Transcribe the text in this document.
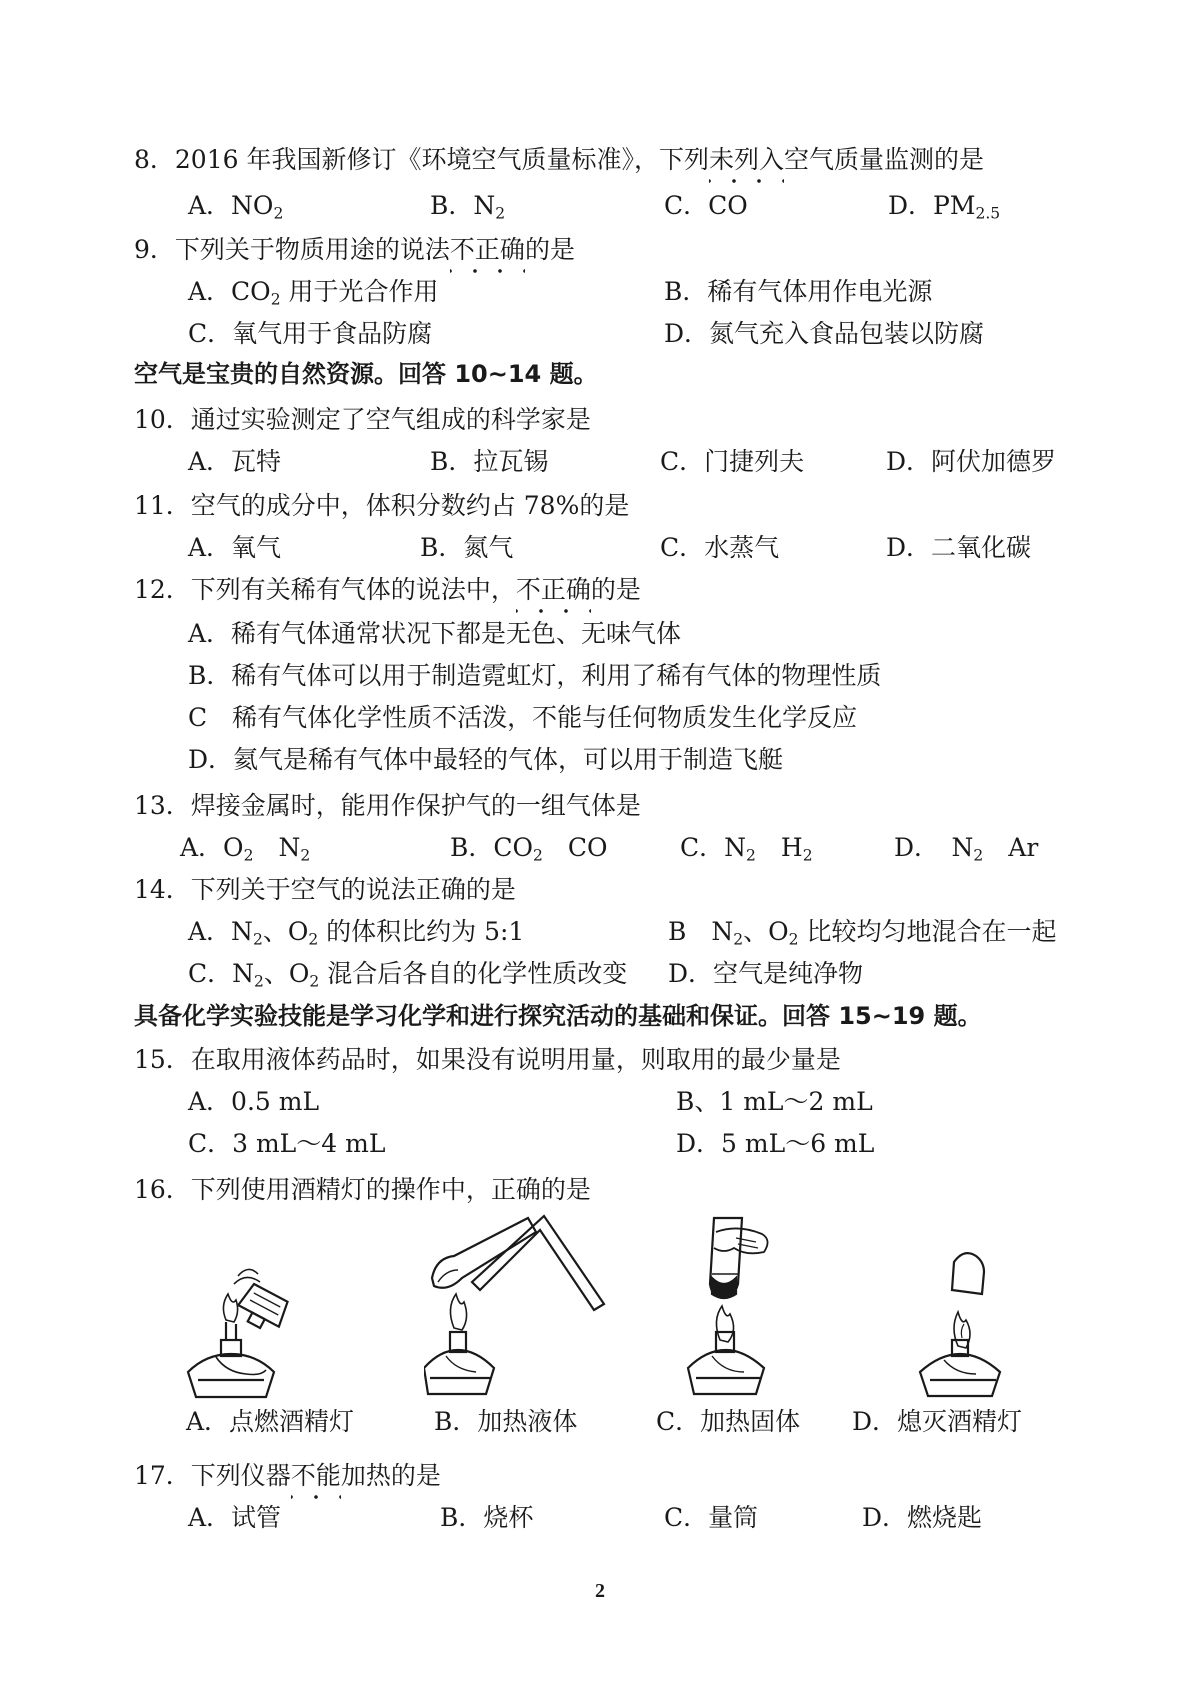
8．2016 年我国新修订《环境空气质量标准》，下列未列入空气质量监测的是
A．$NO_2$	B．$N_2$	C．CO	D．$PM_{2.5}$
9．下列关于物质用途的说法不正确的是
A．$CO_2$ 用于光合作用	B．稀有气体用作电光源
C．氧气用于食品防腐	D．氮气充入食品包装以防腐
空气是宝贵的自然资源。回答 10~14 题。
10．通过实验测定了空气组成的科学家是
A．瓦特	B．拉瓦锡	C．门捷列夫	D．阿伏加德罗
11．空气的成分中，体积分数约占 78%的是
A．氧气	B．氮气	C．水蒸气	D．二氧化碳
12．下列有关稀有气体的说法中，不正确的是
A．稀有气体通常状况下都是无色、无味气体
B．稀有气体可以用于制造霓虹灯，利用了稀有气体的物理性质
C　稀有气体化学性质不活泼，不能与任何物质发生化学反应
D．氦气是稀有气体中最轻的气体，可以用于制造飞艇
13．焊接金属时，能用作保护气的一组气体是
A．$O_2$　$N_2$	B．$CO_2$　CO	C．$N_2$　$H_2$	D．　$N_2$　Ar
14．下列关于空气的说法正确的是
A．$N_2$、$O_2$ 的体积比约为 5:1	B　$N_2$、$O_2$ 比较均匀地混合在一起
C．$N_2$、$O_2$ 混合后各自的化学性质改变 D．空气是纯净物
具备化学实验技能是学习化学和进行探究活动的基础和保证。回答 15~19 题。
15．在取用液体药品时，如果没有说明用量，则取用的最少量是
A．0.5 mL	B、1 mL～2 mL
C．3 mL～4 mL	D．5 mL～6 mL
16．下列使用酒精灯的操作中，正确的是
A．点燃酒精灯	B．加热液体	C．加热固体 D．熄灭酒精灯
17．下列仪器不能加热的是
A．试管	B．烧杯	C．量筒	D．燃烧匙
2
